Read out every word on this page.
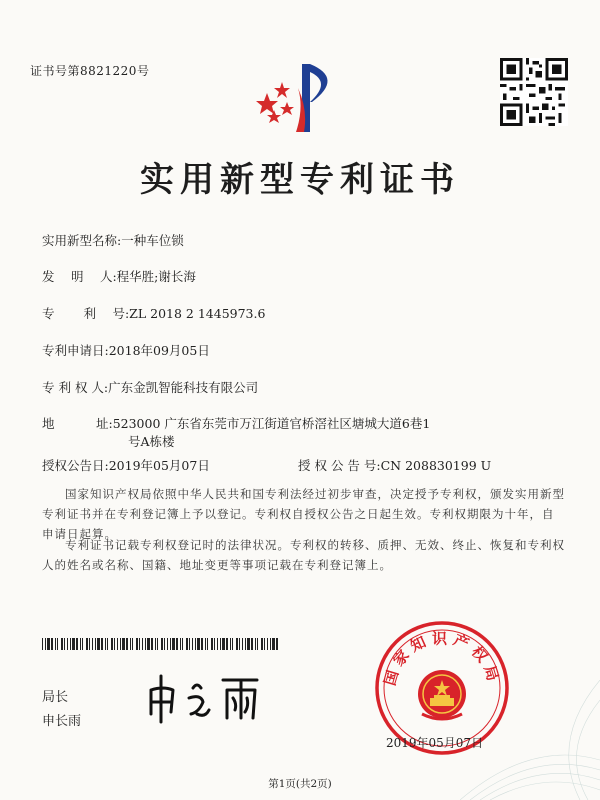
证书号第8821220号
实用新型专利证书
实用新型名称:一种车位锁
发　 明　 人:程华胜;谢长海
专　　 利　 号:ZL 2018 2 1445973.6
专利申请日:2018年09月05日
专 利 权 人:广东金凯智能科技有限公司
地　　　 址:523000 广东省东莞市万江街道官桥滘社区塘城大道6巷1
号A栋楼
授权公告日:2019年05月07日	授 权 公 告 号:CN 208830199 U
国家知识产权局依照中华人民共和国专利法经过初步审查，决定授予专利权，颁发实用新型专利证书并在专利登记簿上予以登记。专利权自授权公告之日起生效。专利权期限为十年，自申请日起算。
专利证书记载专利权登记时的法律状况。专利权的转移、质押、无效、终止、恢复和专利权人的姓名或名称、国籍、地址变更等事项记载在专利登记簿上。
局长
申长雨
国家知识产权局
2019年05月07日
第1页(共2页)
